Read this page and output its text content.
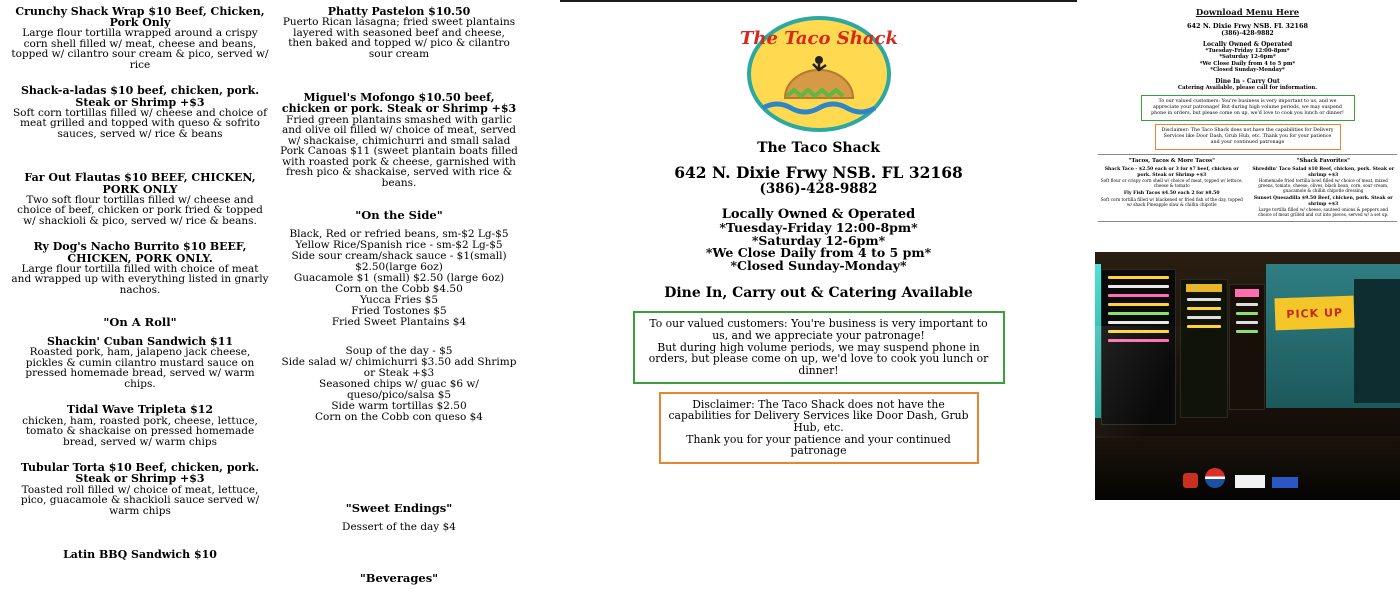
Crunchy Shack Wrap $10 Beef, Chicken, Pork Only
Large flour tortilla wrapped around a crispy corn shell filled w/ meat, cheese and beans, topped w/ cilantro sour cream & pico, served w/ rice
Shack-a-ladas $10 beef, chicken, pork. Steak or Shrimp +$3
Soft corn tortillas filled w/ cheese and choice of meat grilled and topped with queso & sofrito sauces, served w/ rice & beans
Far Out Flautas $10 BEEF, CHICKEN, PORK ONLY
Two soft flour tortillas filled w/ cheese and choice of beef, chicken or pork fried & topped w/ shackioli & pico, served w/ rice & beans.
Ry Dog's Nacho Burrito $10 BEEF, CHICKEN, PORK ONLY.
Large flour tortilla filled with choice of meat and wrapped up with everything listed in gnarly nachos.
"On A Roll"
Shackin' Cuban Sandwich $11
Roasted pork, ham, jalapeno jack cheese, pickles & cumin cilantro mustard sauce on pressed homemade bread, served w/ warm chips.
Tidal Wave Tripleta $12
chicken, ham, roasted pork, cheese, lettuce, tomato & shackaise on pressed homemade bread, served w/ warm chips
Tubular Torta $10 Beef, chicken, pork. Steak or Shrimp +$3
Toasted roll filled w/ choice of meat, lettuce, pico, guacamole & shackioli sauce served w/ warm chips
Latin BBQ Sandwich $10
Phatty Pastelon $10.50
Puerto Rican lasagna; fried sweet plantains layered with seasoned beef and cheese, then baked and topped w/ pico & cilantro sour cream
Miguel's Mofongo $10.50 beef, chicken or pork. Steak or Shrimp +$3
Fried green plantains smashed with garlic and olive oil filled w/ choice of meat, served w/ shackaise, chimichurri and small salad Pork Canoas $11 (sweet plantain boats filled with roasted pork & cheese, garnished with fresh pico & shackaise, served with rice & beans.
"On the Side"
Black, Red or refried beans, sm-$2 Lg-$5
Yellow Rice/Spanish rice - sm-$2 Lg-$5
Side sour cream/shack sauce - $1(small) $2.50(large 6oz)
Guacamole $1 (small) $2.50 (large 6oz)
Corn on the Cobb $4.50
Yucca Fries $5
Fried Tostones $5
Fried Sweet Plantains $4
Soup of the day - $5
Side salad w/ chimichurri $3.50 add Shrimp or Steak +$3
Seasoned chips w/ guac $6 w/ queso/pico/salsa $5
Side warm tortillas $2.50
Corn on the Cobb con queso $4
"Sweet Endings"
Dessert of the day $4
"Beverages"
The Taco Shack
The Taco Shack
642 N. Dixie Frwy NSB. FL 32168
(386)-428-9882
Locally Owned & Operated
*Tuesday-Friday 12:00-8pm*
*Saturday 12-6pm*
*We Close Daily from 4 to 5 pm*
*Closed Sunday-Monday*
Dine In, Carry out & Catering Available
To our valued customers: You're business is very important to us, and we appreciate your patronage!
But during high volume periods, we may suspend phone in orders, but please come on up, we'd love to cook you lunch or dinner!
Disclaimer: The Taco Shack does not have the capabilities for Delivery Services like Door Dash, Grub Hub, etc.
Thank you for your patience and your continued patronage
Download Menu Here
642 N. Dixie Frwy NSB. FL 32168
(386)-428-9882
Locally Owned & Operated
*Tuesday-Friday 12:00-8pm*
*Saturday 12-6pm*
*We Close Daily from 4 to 5 pm*
*Closed Sunday-Monday*
Dine In - Carry Out
Catering Available, please call for information.
To our valued customers: You're business is very important to us, and we appreciate your patronage! But during high volume periods, we may suspend phone in orders, but please come on up, we'd love to cook you lunch or dinner!
Disclaimer: The Taco Shack does not have the capabilities for Delivery Services like Door Dash, Grub Hub, etc. Thank you for your patience and your continued patronage
"Tacos, Tacos & More Tacos"
Shack Taco - $2.50 each or 3 for $7 beef, chicken or pork. Steak or Shrimp +$3
Soft flour or crispy corn shell w/ choice of meat, topped w/ lettuce, cheese & tomato
Fly Fish Tacos $4.50 each 2 for $8.50
Soft corn tortilla filled w/ blackened or fried fish of the day, topped w/ shack Pineapple slaw & chillin chipotle
"Shack Favorites"
Shreddin' Taco Salad $10 Beef, chicken, pork. Steak or shrimp +$3
Homemade fried tortilla bowl filled w/ choice of meat, mixed greens, tomato, cheese, olives, black bean, corn, sour cream, guacamole & chillin chipotle dressing
Sunset Quesadilla $9.50 Beef, chicken, pork. Steak or shrimp +$3
Large tortilla filled w/ cheese, sauteed onions & peppers and choice of meat grilled and cut into pieces, served w/ a set up.
PICK UP
